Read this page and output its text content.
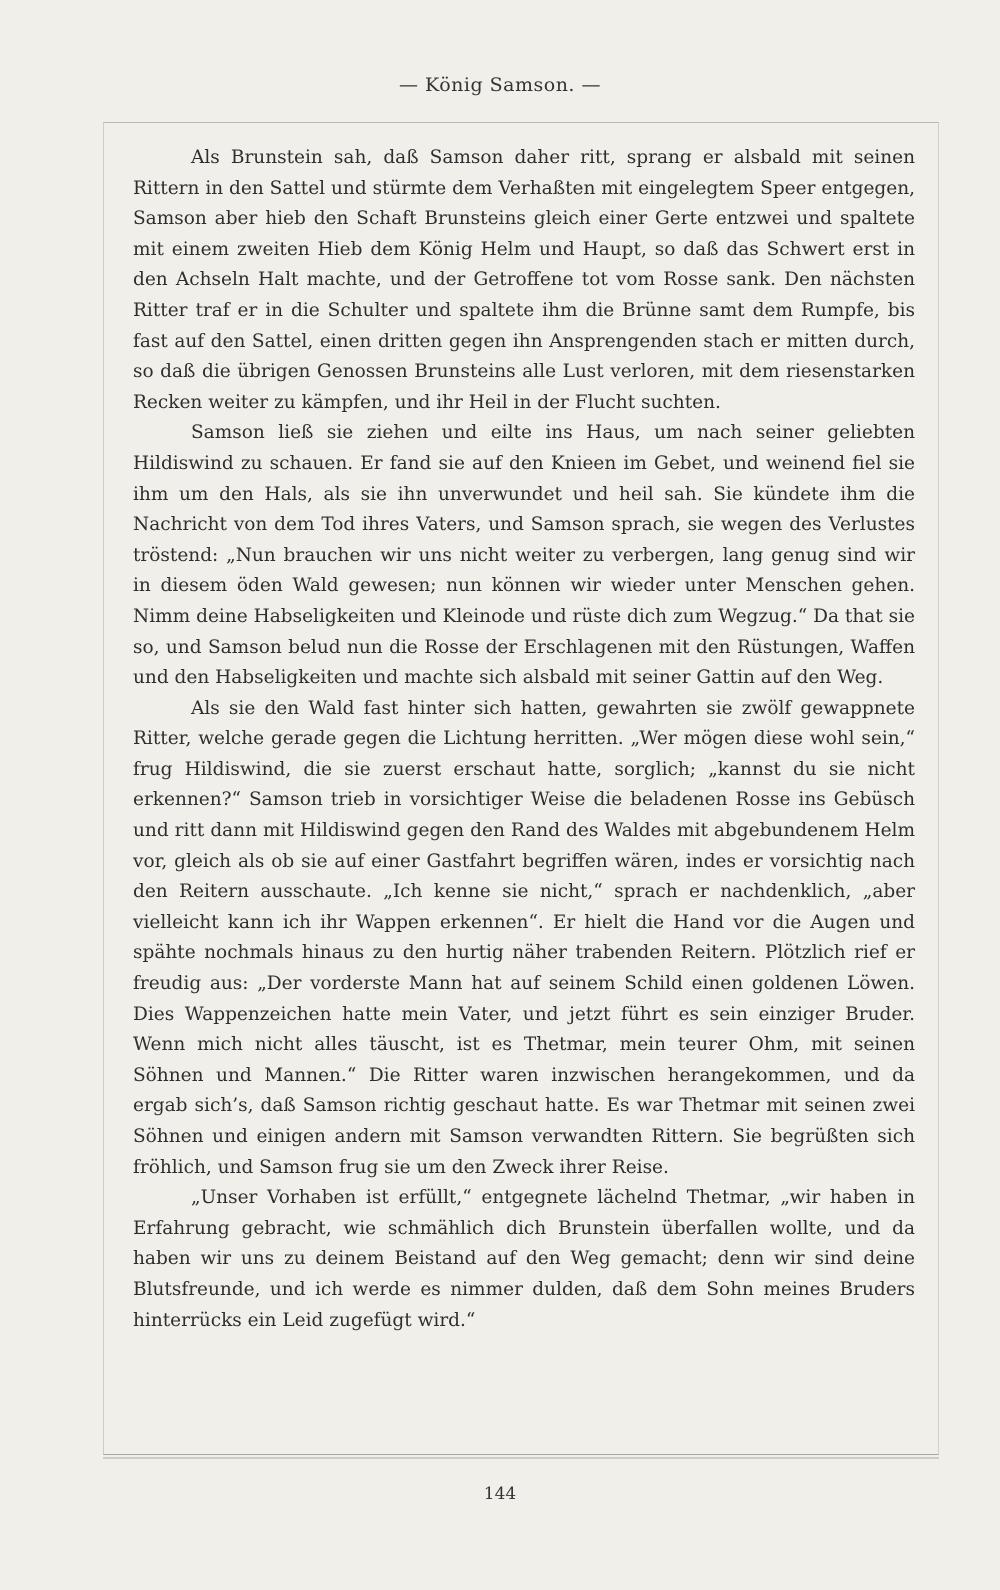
— König Samson. —

Als Brunstein sah, daß Samson daher ritt, sprang er alsbald mit seinen Rittern in den Sattel und stürmte dem Verhaßten mit eingelegtem Speer entgegen, Samson aber hieb den Schaft Brunsteins gleich einer Gerte entzwei und spaltete mit einem zweiten Hieb dem König Helm und Haupt, so daß das Schwert erst in den Achseln Halt machte, und der Getroffene tot vom Rosse sank. Den nächsten Ritter traf er in die Schulter und spaltete ihm die Brünne samt dem Rumpfe, bis fast auf den Sattel, einen dritten gegen ihn Ansprengenden stach er mitten durch, so daß die übrigen Genossen Brunsteins alle Lust verloren, mit dem riesenstarken Recken weiter zu kämpfen, und ihr Heil in der Flucht suchten.

Samson ließ sie ziehen und eilte ins Haus, um nach seiner geliebten Hildiswind zu schauen. Er fand sie auf den Knieen im Gebet, und weinend fiel sie ihm um den Hals, als sie ihn unverwundet und heil sah. Sie kündete ihm die Nachricht von dem Tod ihres Vaters, und Samson sprach, sie wegen des Verlustes tröstend: „Nun brauchen wir uns nicht weiter zu verbergen, lang genug sind wir in diesem öden Wald gewesen; nun können wir wieder unter Menschen gehen. Nimm deine Habseligkeiten und Kleinode und rüste dich zum Wegzug.“ Da that sie so, und Samson belud nun die Rosse der Erschlagenen mit den Rüstungen, Waffen und den Habseligkeiten und machte sich alsbald mit seiner Gattin auf den Weg.

Als sie den Wald fast hinter sich hatten, gewahrten sie zwölf gewappnete Ritter, welche gerade gegen die Lichtung herritten. „Wer mögen diese wohl sein,“ frug Hildiswind, die sie zuerst erschaut hatte, sorglich; „kannst du sie nicht erkennen?“ Samson trieb in vorsichtiger Weise die beladenen Rosse ins Gebüsch und ritt dann mit Hildiswind gegen den Rand des Waldes mit abgebundenem Helm vor, gleich als ob sie auf einer Gastfahrt begriffen wären, indes er vorsichtig nach den Reitern ausschaute. „Ich kenne sie nicht,“ sprach er nachdenklich, „aber vielleicht kann ich ihr Wappen erkennen“. Er hielt die Hand vor die Augen und spähte nochmals hinaus zu den hurtig näher trabenden Reitern. Plötzlich rief er freudig aus: „Der vorderste Mann hat auf seinem Schild einen goldenen Löwen. Dies Wappenzeichen hatte mein Vater, und jetzt führt es sein einziger Bruder. Wenn mich nicht alles täuscht, ist es Thetmar, mein teurer Ohm, mit seinen Söhnen und Mannen.“ Die Ritter waren inzwischen herangekommen, und da ergab sich’s, daß Samson richtig geschaut hatte. Es war Thetmar mit seinen zwei Söhnen und einigen andern mit Samson verwandten Rittern. Sie begrüßten sich fröhlich, und Samson frug sie um den Zweck ihrer Reise.

„Unser Vorhaben ist erfüllt,“ entgegnete lächelnd Thetmar, „wir haben in Erfahrung gebracht, wie schmählich dich Brunstein überfallen wollte, und da haben wir uns zu deinem Beistand auf den Weg gemacht; denn wir sind deine Blutsfreunde, und ich werde es nimmer dulden, daß dem Sohn meines Bruders hinterrücks ein Leid zugefügt wird.“

144
